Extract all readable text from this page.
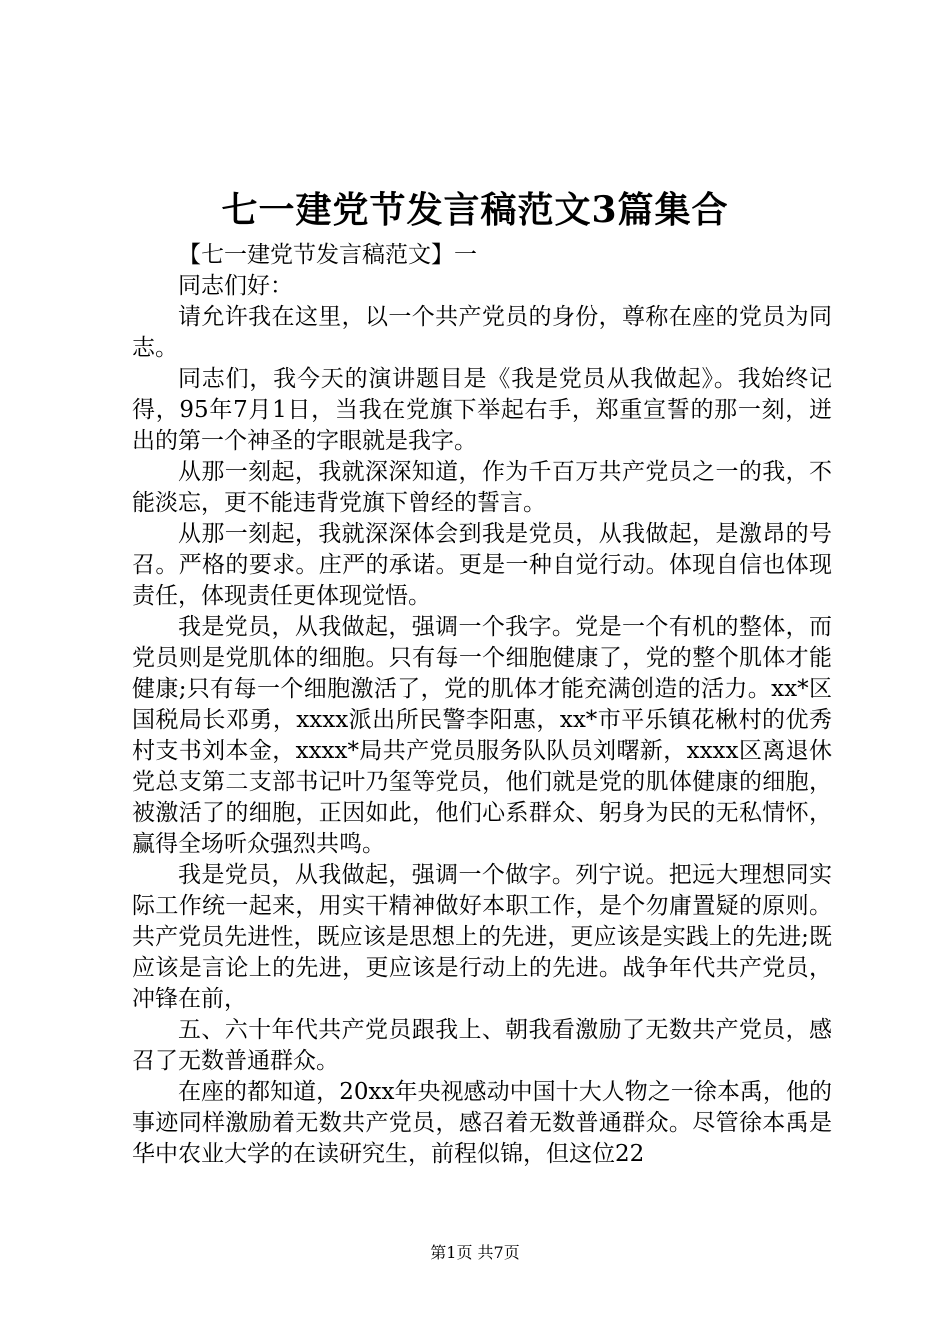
七一建党节发言稿范文3篇集合

【七一建党节发言稿范文】一

同志们好：

请允许我在这里，以一个共产党员的身份，尊称在座的党员为同志。

同志们，我今天的演讲题目是《我是党员从我做起》。我始终记得，95年7月1日，当我在党旗下举起右手，郑重宣誓的那一刻，迸出的第一个神圣的字眼就是我字。

从那一刻起，我就深深知道，作为千百万共产党员之一的我，不能淡忘，更不能违背党旗下曾经的誓言。

从那一刻起，我就深深体会到我是党员，从我做起，是激昂的号召。严格的要求。庄严的承诺。更是一种自觉行动。体现自信也体现责任，体现责任更体现觉悟。

我是党员，从我做起，强调一个我字。党是一个有机的整体，而党员则是党肌体的细胞。只有每一个细胞健康了，党的整个肌体才能健康;只有每一个细胞激活了，党的肌体才能充满创造的活力。xx*区国税局长邓勇，xxxx派出所民警李阳惠，xx*市平乐镇花楸村的优秀村支书刘本金，xxxx*局共产党员服务队队员刘曙新，xxxx区离退休党总支第二支部书记叶乃玺等党员，他们就是党的肌体健康的细胞，被激活了的细胞，正因如此，他们心系群众、躬身为民的无私情怀，赢得全场听众强烈共鸣。

我是党员，从我做起，强调一个做字。列宁说。把远大理想同实际工作统一起来，用实干精神做好本职工作，是个勿庸置疑的原则。共产党员先进性，既应该是思想上的先进，更应该是实践上的先进;既应该是言论上的先进，更应该是行动上的先进。战争年代共产党员，冲锋在前，

五、六十年代共产党员跟我上、朝我看激励了无数共产党员，感召了无数普通群众。

在座的都知道，20xx年央视感动中国十大人物之一徐本禹，他的事迹同样激励着无数共产党员，感召着无数普通群众。尽管徐本禹是华中农业大学的在读研究生，前程似锦，但这位22

第1页 共7页
